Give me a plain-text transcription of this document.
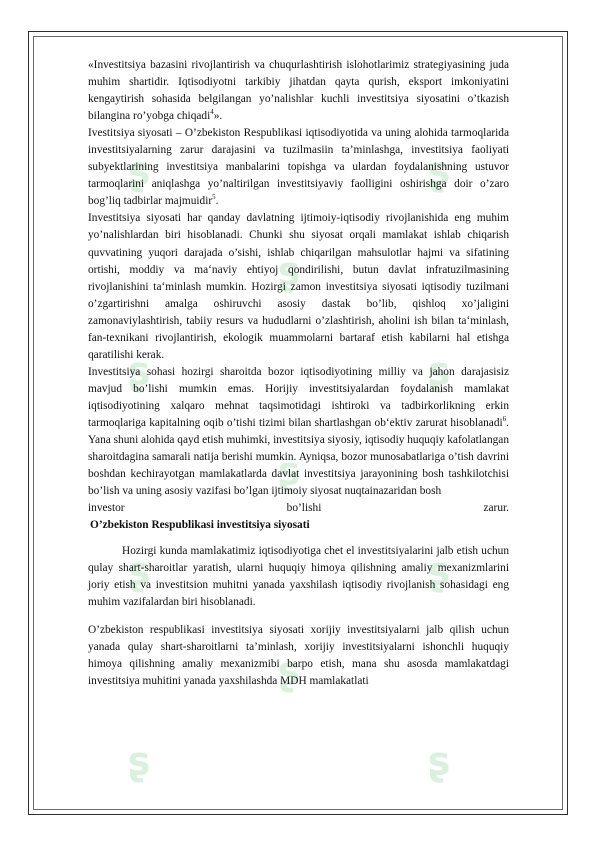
ʂ	ʂ
ʂ
ʂ	ʂ
ʂ
ʂ	ʂ
ʂ
ʂ
ʂ

«Investitsiya bazasini rivojlantirish va chuqurlashtirish islohotlarimiz strategiyasining juda muhim shartidir. Iqtisodiyotni tarkibiy jihatdan qayta qurish, eksport imkoniyatini kengaytirish sohasida belgilangan yo’nalishlar kuchli investitsiya siyosatini o’tkazish bilangina ro’yobga chiqadi$^4$».

Ivestitsiya siyosati – O’zbekiston Respublikasi iqtisodiyotida va uning alohida tarmoqlarida investitsiyalarning zarur darajasini va tuzilmasiin ta’minlashga, investitsiya faoliyati subyektlarining investitsiya manbalarini topishga va ulardan foydalanishning ustuvor tarmoqlarini aniqlashga yo’naltirilgan investitsiyaviy faolligini oshirishga doir o’zaro bog’liq tadbirlar majmuidir$^5$.

Investitsiya siyosati har qanday davlatning ijtimoiy-iqtisodiy rivojlanishida eng muhim yo’nalishlardan biri hisoblanadi. Chunki shu siyosat orqali mamlakat ishlab chiqarish quvvatining yuqori darajada o’sishi, ishlab chiqarilgan mahsulotlar hajmi va sifatining ortishi, moddiy va ma‘naviy ehtiyoj qondirilishi, butun davlat infratuzilmasining rivojlanishini ta‘minlash mumkin. Hozirgi zamon investitsiya siyosati iqtisodiy tuzilmani o’zgartirishni amalga oshiruvchi asosiy dastak bo’lib, qishloq xo’jaligini zamonaviylashtirish, tabiiy resurs va hududlarni o’zlashtirish, aholini ish bilan ta‘minlash, fan-texnikani rivojlantirish, ekologik muammolarni bartaraf etish kabilarni hal etishga qaratilishi kerak.

Investitsiya sohasi hozirgi sharoitda bozor iqtisodiyotining milliy va jahon darajasisiz mavjud bo’lishi mumkin emas. Horijiy investitsiyalardan foydalanish mamlakat iqtisodiyotining xalqaro mehnat taqsimotidagi ishtiroki va tadbirkorlikning erkin tarmoqlariga kapitalning oqib o’tishi tizimi bilan shartlashgan ob‘ektiv zarurat hisoblanadi$^6$. Yana shuni alohida qayd etish muhimki, investitsiya siyosiy, iqtisodiy huquqiy kafolatlangan sharoitdagina samarali natija berishi mumkin. Ayniqsa, bozor munosabatlariga o’tish davrini boshdan kechirayotgan mamlakatlarda davlat investitsiya jarayonining bosh tashkilotchisi bo’lish va uning asosiy vazifasi bo’lgan ijtimoiy siyosat nuqtainazaridan bosh

investor bo’lishi zarur.

O’zbekiston Respublikasi investitsiya siyosati

Hozirgi kunda mamlakatimiz iqtisodiyotiga chet el investitsiyalarini jalb etish uchun qulay shart-sharoitlar yaratish, ularni huquqiy himoya qilishning amaliy mexanizmlarini joriy etish va investitsion muhitni yanada yaxshilash iqtisodiy rivojlanish sohasidagi eng muhim vazifalardan biri hisoblanadi.

O’zbekiston respublikasi investitsiya siyosati xorijiy investitsiyalarni jalb qilish uchun yanada qulay shart-sharoitlarni ta’minlash, xorijiy investitsiyalarni ishonchli huquqiy himoya qilishning amaliy mexanizmibi barpo etish, mana shu asosda mamlakatdagi investitsiya muhitini yanada yaxshilashda MDH mamlakatlati
